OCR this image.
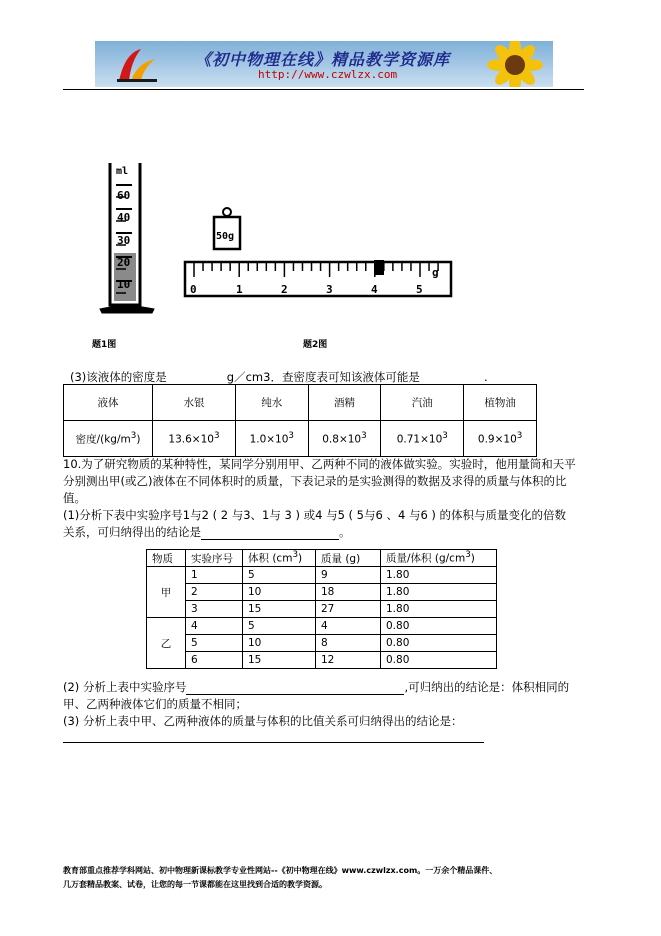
《初中物理在线》精品教学资源库
http://www.czwlzx.com
ml
60
40
30
20
10
50g
0	1	2	3	4	5
g
题1图	题2图
(3)该液体的密度是	g／cm3．查密度表可知该液体可能是	.
液体	水银	纯水	酒精	汽油	植物油
密度$/(kg/m^3)$	$13.6\times 10^3$	$1.0\times 10^3$	$0.8\times 10^3$	$0.71\times 10^3$	$0.9\times 10^3$
10.为了研究物质的某种特性，某同学分别用甲、乙两种不同的液体做实验。实验时，他用量筒和天平
分别测出甲(或乙)液体在不同体积时的质量，下表记录的是实验测得的数据及求得的质量与体积的比
值。
(1)分析下表中实验序号1与2 ( 2 与3、1与 3 ) 或4 与5 ( 5与6 、4 与6 ) 的体积与质量变化的倍数
关系，可归纳得出的结论是	。
物质	实验序号	体积 $(cm^3)$	质量 (g)	质量/体积 $(g/cm^3)$
甲	1	5	9	1.80
	2	10	18	1.80
	3	15	27	1.80
乙	4	5	4	0.80
	5	10	8	0.80
	6	15	12	0.80
(2) 分析上表中实验序号	,可归纳出的结论是：体积相同的
甲、乙两种液体它们的质量不相同；
(3) 分析上表中甲、乙两种液体的质量与体积的比值关系可归纳得出的结论是：
教育部重点推荐学科网站、初中物理新课标教学专业性网站--《初中物理在线》www.czwlzx.com。一万余个精品课件、
几万套精品教案、试卷，让您的每一节课都能在这里找到合适的教学资源。
